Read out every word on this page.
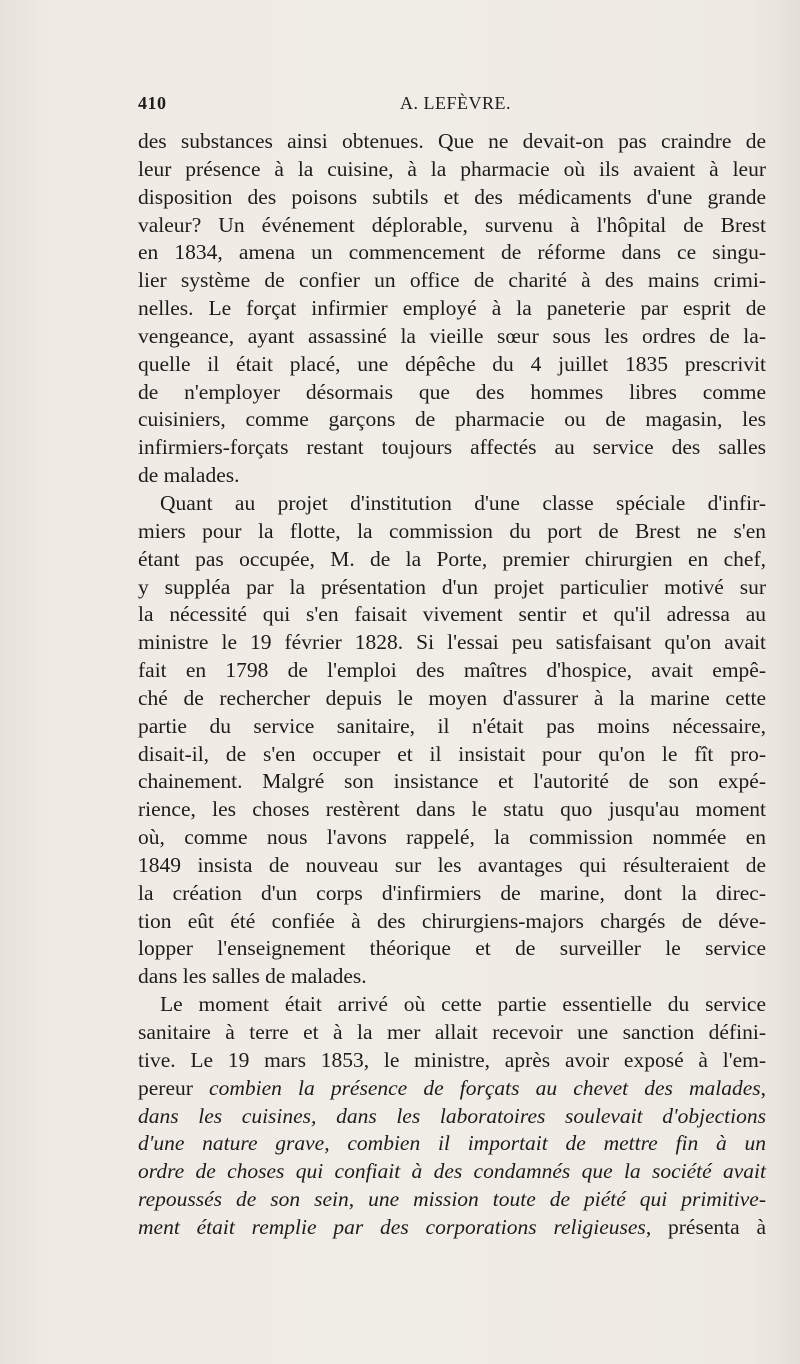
410	A. LEFÈVRE.

des substances ainsi obtenues. Que ne devait-on pas craindre de
leur présence à la cuisine, à la pharmacie où ils avaient à leur
disposition des poisons subtils et des médicaments d'une grande
valeur? Un événement déplorable, survenu à l'hôpital de Brest
en 1834, amena un commencement de réforme dans ce singu-
lier système de confier un office de charité à des mains crimi-
nelles. Le forçat infirmier employé à la paneterie par esprit de
vengeance, ayant assassiné la vieille sœur sous les ordres de la-
quelle il était placé, une dépêche du 4 juillet 1835 prescrivit
de n'employer désormais que des hommes libres comme
cuisiniers, comme garçons de pharmacie ou de magasin, les
infirmiers-forçats restant toujours affectés au service des salles
de malades.

Quant au projet d'institution d'une classe spéciale d'infir-
miers pour la flotte, la commission du port de Brest ne s'en
étant pas occupée, M. de la Porte, premier chirurgien en chef,
y suppléa par la présentation d'un projet particulier motivé sur
la nécessité qui s'en faisait vivement sentir et qu'il adressa au
ministre le 19 février 1828. Si l'essai peu satisfaisant qu'on avait
fait en 1798 de l'emploi des maîtres d'hospice, avait empê-
ché de rechercher depuis le moyen d'assurer à la marine cette
partie du service sanitaire, il n'était pas moins nécessaire,
disait-il, de s'en occuper et il insistait pour qu'on le fît pro-
chainement. Malgré son insistance et l'autorité de son expé-
rience, les choses restèrent dans le statu quo jusqu'au moment
où, comme nous l'avons rappelé, la commission nommée en
1849 insista de nouveau sur les avantages qui résulteraient de
la création d'un corps d'infirmiers de marine, dont la direc-
tion eût été confiée à des chirurgiens-majors chargés de déve-
lopper l'enseignement théorique et de surveiller le service
dans les salles de malades.

Le moment était arrivé où cette partie essentielle du service
sanitaire à terre et à la mer allait recevoir une sanction défini-
tive. Le 19 mars 1853, le ministre, après avoir exposé à l'em-
pereur combien la présence de forçats au chevet des malades,
dans les cuisines, dans les laboratoires soulevait d'objections
d'une nature grave, combien il importait de mettre fin à un
ordre de choses qui confiait à des condamnés que la société avait
repoussés de son sein, une mission toute de piété qui primitive-
ment était remplie par des corporations religieuses, présenta à
